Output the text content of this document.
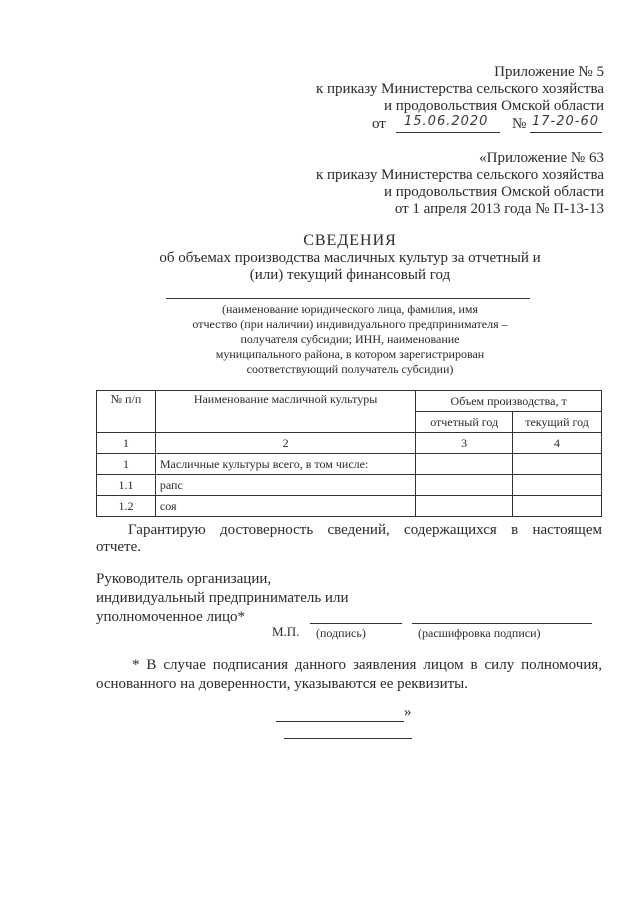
Приложение № 5
к приказу Министерства сельского хозяйства
и продовольствия Омской области
от 15.06.2020 № 17-20-60
«Приложение № 63
к приказу Министерства сельского хозяйства
и продовольствия Омской области
от 1 апреля 2013 года № П-13-13
СВЕДЕНИЯ
об объемах производства масличных культур за отчетный и
(или) текущий финансовый год
(наименование юридического лица, фамилия, имя
отчество (при наличии) индивидуального предпринимателя –
получателя субсидии; ИНН, наименование
муниципального района, в котором зарегистрирован
соответствующий получатель субсидии)
№ п/п	Наименование масличной культуры	Объем производства, т	
		отчетный год	текущий год
1	2	3	4
1	Масличные культуры всего, в том числе:		
1.1	рапс		
1.2	соя		
Гарантирую достоверность сведений, содержащихся в настоящем
отчете.
Руководитель организации,
индивидуальный предприниматель или
уполномоченное лицо*
М.П. (подпись)	(расшифровка подписи)
* В случае подписания данного заявления лицом в силу полномочия,
основанного на доверенности, указываются ее реквизиты.
»
